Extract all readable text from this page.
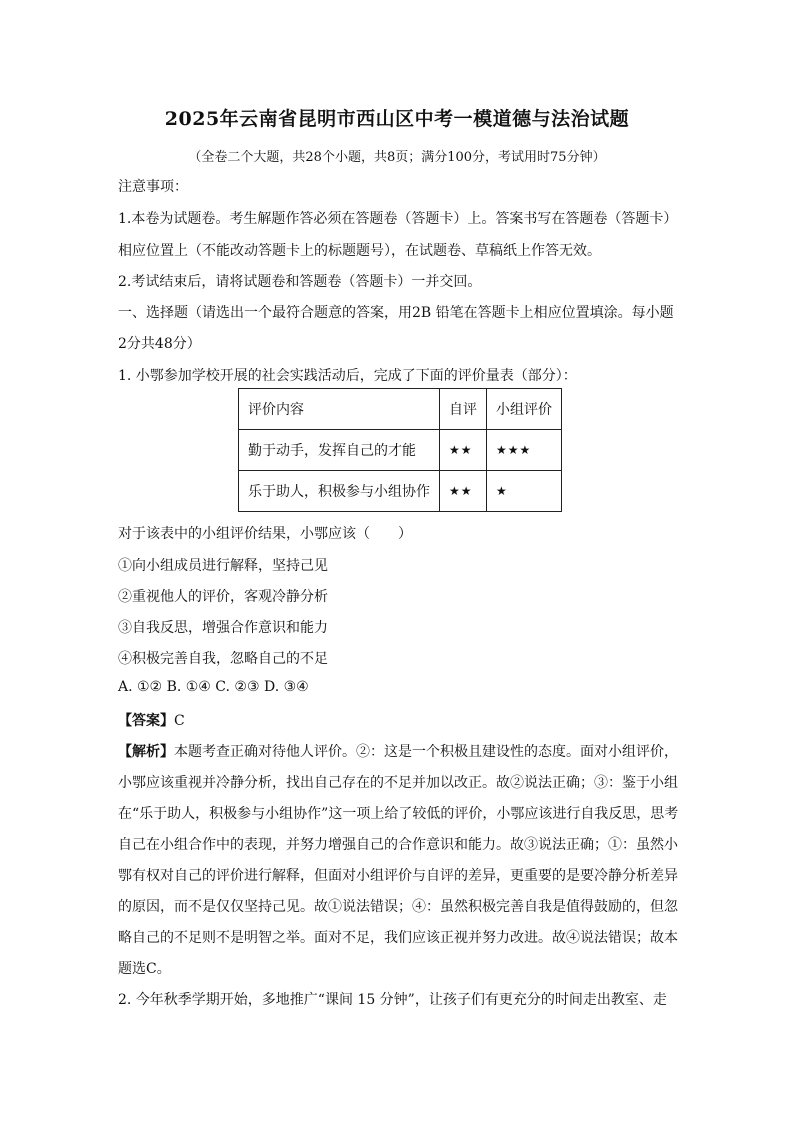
2025年云南省昆明市西山区中考一模道德与法治试题
（全卷二个大题，共28个小题，共8页；满分100分，考试用时75分钟）
注意事项：
1.本卷为试题卷。考生解题作答必须在答题卷（答题卡）上。答案书写在答题卷（答题卡）
相应位置上（不能改动答题卡上的标题题号），在试题卷、草稿纸上作答无效。
2.考试结束后，请将试题卷和答题卷（答题卡）一并交回。
一、选择题（请选出一个最符合题意的答案，用2B 铅笔在答题卡上相应位置填涂。每小题
2分共48分）
1. 小鄂参加学校开展的社会实践活动后，完成了下面的评价量表（部分）：
评价内容	自评	小组评价
勤于动手，发挥自己的才能	★★	★★★
乐于助人，积极参与小组协作	★★	★
对于该表中的小组评价结果，小鄂应该（　　）
①向小组成员进行解释，坚持己见
②重视他人的评价，客观冷静分析
③自我反思，增强合作意识和能力
④积极完善自我，忽略自己的不足
A. ①② B. ①④ C. ②③ D. ③④
【答案】C
【解析】本题考查正确对待他人评价。②：这是一个积极且建设性的态度。面对小组评价，
小鄂应该重视并冷静分析，找出自己存在的不足并加以改正。故②说法正确；③：鉴于小组
在“乐于助人，积极参与小组协作”这一项上给了较低的评价，小鄂应该进行自我反思，思考
自己在小组合作中的表现，并努力增强自己的合作意识和能力。故③说法正确；①：虽然小
鄂有权对自己的评价进行解释，但面对小组评价与自评的差异，更重要的是要冷静分析差异
的原因，而不是仅仅坚持己见。故①说法错误；④：虽然积极完善自我是值得鼓励的，但忽
略自己的不足则不是明智之举。面对不足，我们应该正视并努力改进。故④说法错误；故本
题选C。
2. 今年秋季学期开始，多地推广“课间 15 分钟”，让孩子们有更充分的时间走出教室、走
